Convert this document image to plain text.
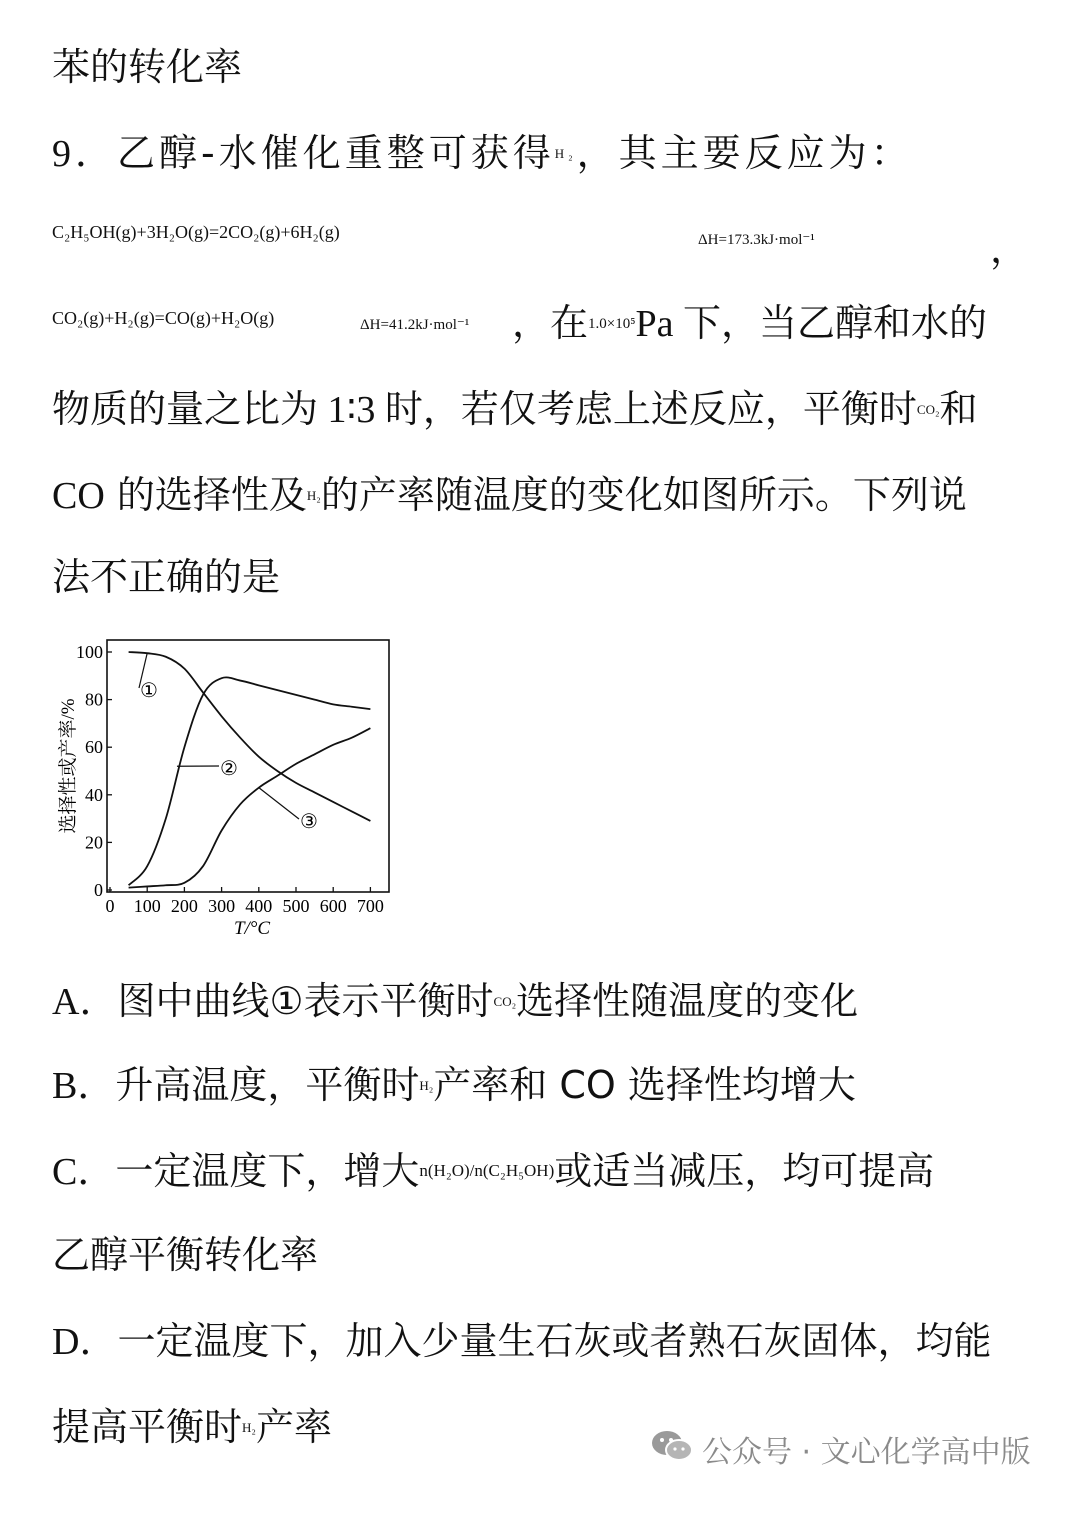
苯的转化率
9．乙醇-水催化重整可获得$^{H_2}$，其主要反应为：
C₂H₅OH(g)+3H₂O(g)=2CO₂(g)+6H₂(g)	ΔH=173.3kJ·mol⁻¹	，
CO₂(g)+H₂(g)=CO(g)+H₂O(g)	ΔH=41.2kJ·mol⁻¹ ，在$^{1.0\times 10^5}$Pa 下，当乙醇和水的
物质的量之比为 1∶3 时，若仅考虑上述反应，平衡时$^{CO_2}$和
CO 的选择性及$^{H_2}$的产率随温度的变化如图所示。下列说
法不正确的是
0
20
40
60
80
100
0 100 200 300 400 500 600 700
①
②
③
选择性或产率/%
T/°C
A．图中曲线①表示平衡时$^{CO_2}$选择性随温度的变化
B．升高温度，平衡时$^{H_2}$产率和 CO 选择性均增大
C．一定温度下，增大$^{n(H_2O)/n(C_2H_5OH)}$或适当减压，均可提高
乙醇平衡转化率
D．一定温度下，加入少量生石灰或者熟石灰固体，均能
提高平衡时$^{H_2}$产率
公众号 · 文心化学高中版
